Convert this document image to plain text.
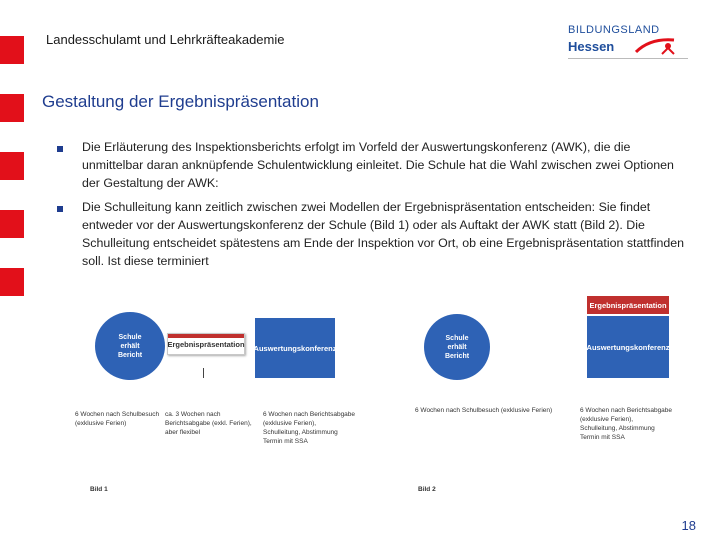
Landesschulamt und Lehrkräfteakademie
BILDUNGSLAND
Hessen
Gestaltung der Ergebnispräsentation
Die Erläuterung des Inspektionsberichts erfolgt im Vorfeld der Auswertungskonferenz (AWK), die die unmittelbar daran anknüpfende Schulentwicklung einleitet. Die Schule hat die Wahl zwischen zwei Optionen der Gestaltung der AWK:
Die Schulleitung kann zeitlich zwischen zwei Modellen der Ergebnispräsentation entscheiden: Sie findet entweder vor der Auswertungskonferenz der Schule (Bild 1) oder als Auftakt der AWK statt (Bild 2). Die Schulleitung entscheidet spätestens am Ende der Inspektion vor Ort, ob eine Ergebnispräsentation stattfinden soll. Ist diese terminiert
Schule
erhält
Bericht
Ergebnispräsentation Auswertungskonferenz
6 Wochen nach Schulbesuch
(exklusive Ferien)
ca. 3 Wochen nach
Berichtsabgabe (exkl. Ferien),
aber flexibel
6 Wochen nach Berichtsabgabe
(exklusive Ferien),
Schulleitung, Abstimmung
Termin mit SSA
Bild 1
Schule
erhält
Bericht
Ergebnispräsentation
Auswertungskonferenz
6 Wochen nach Schulbesuch (exklusive Ferien)	6 Wochen nach Berichtsabgabe
(exklusive Ferien),
Schulleitung, Abstimmung
Termin mit SSA
Bild 2
18
